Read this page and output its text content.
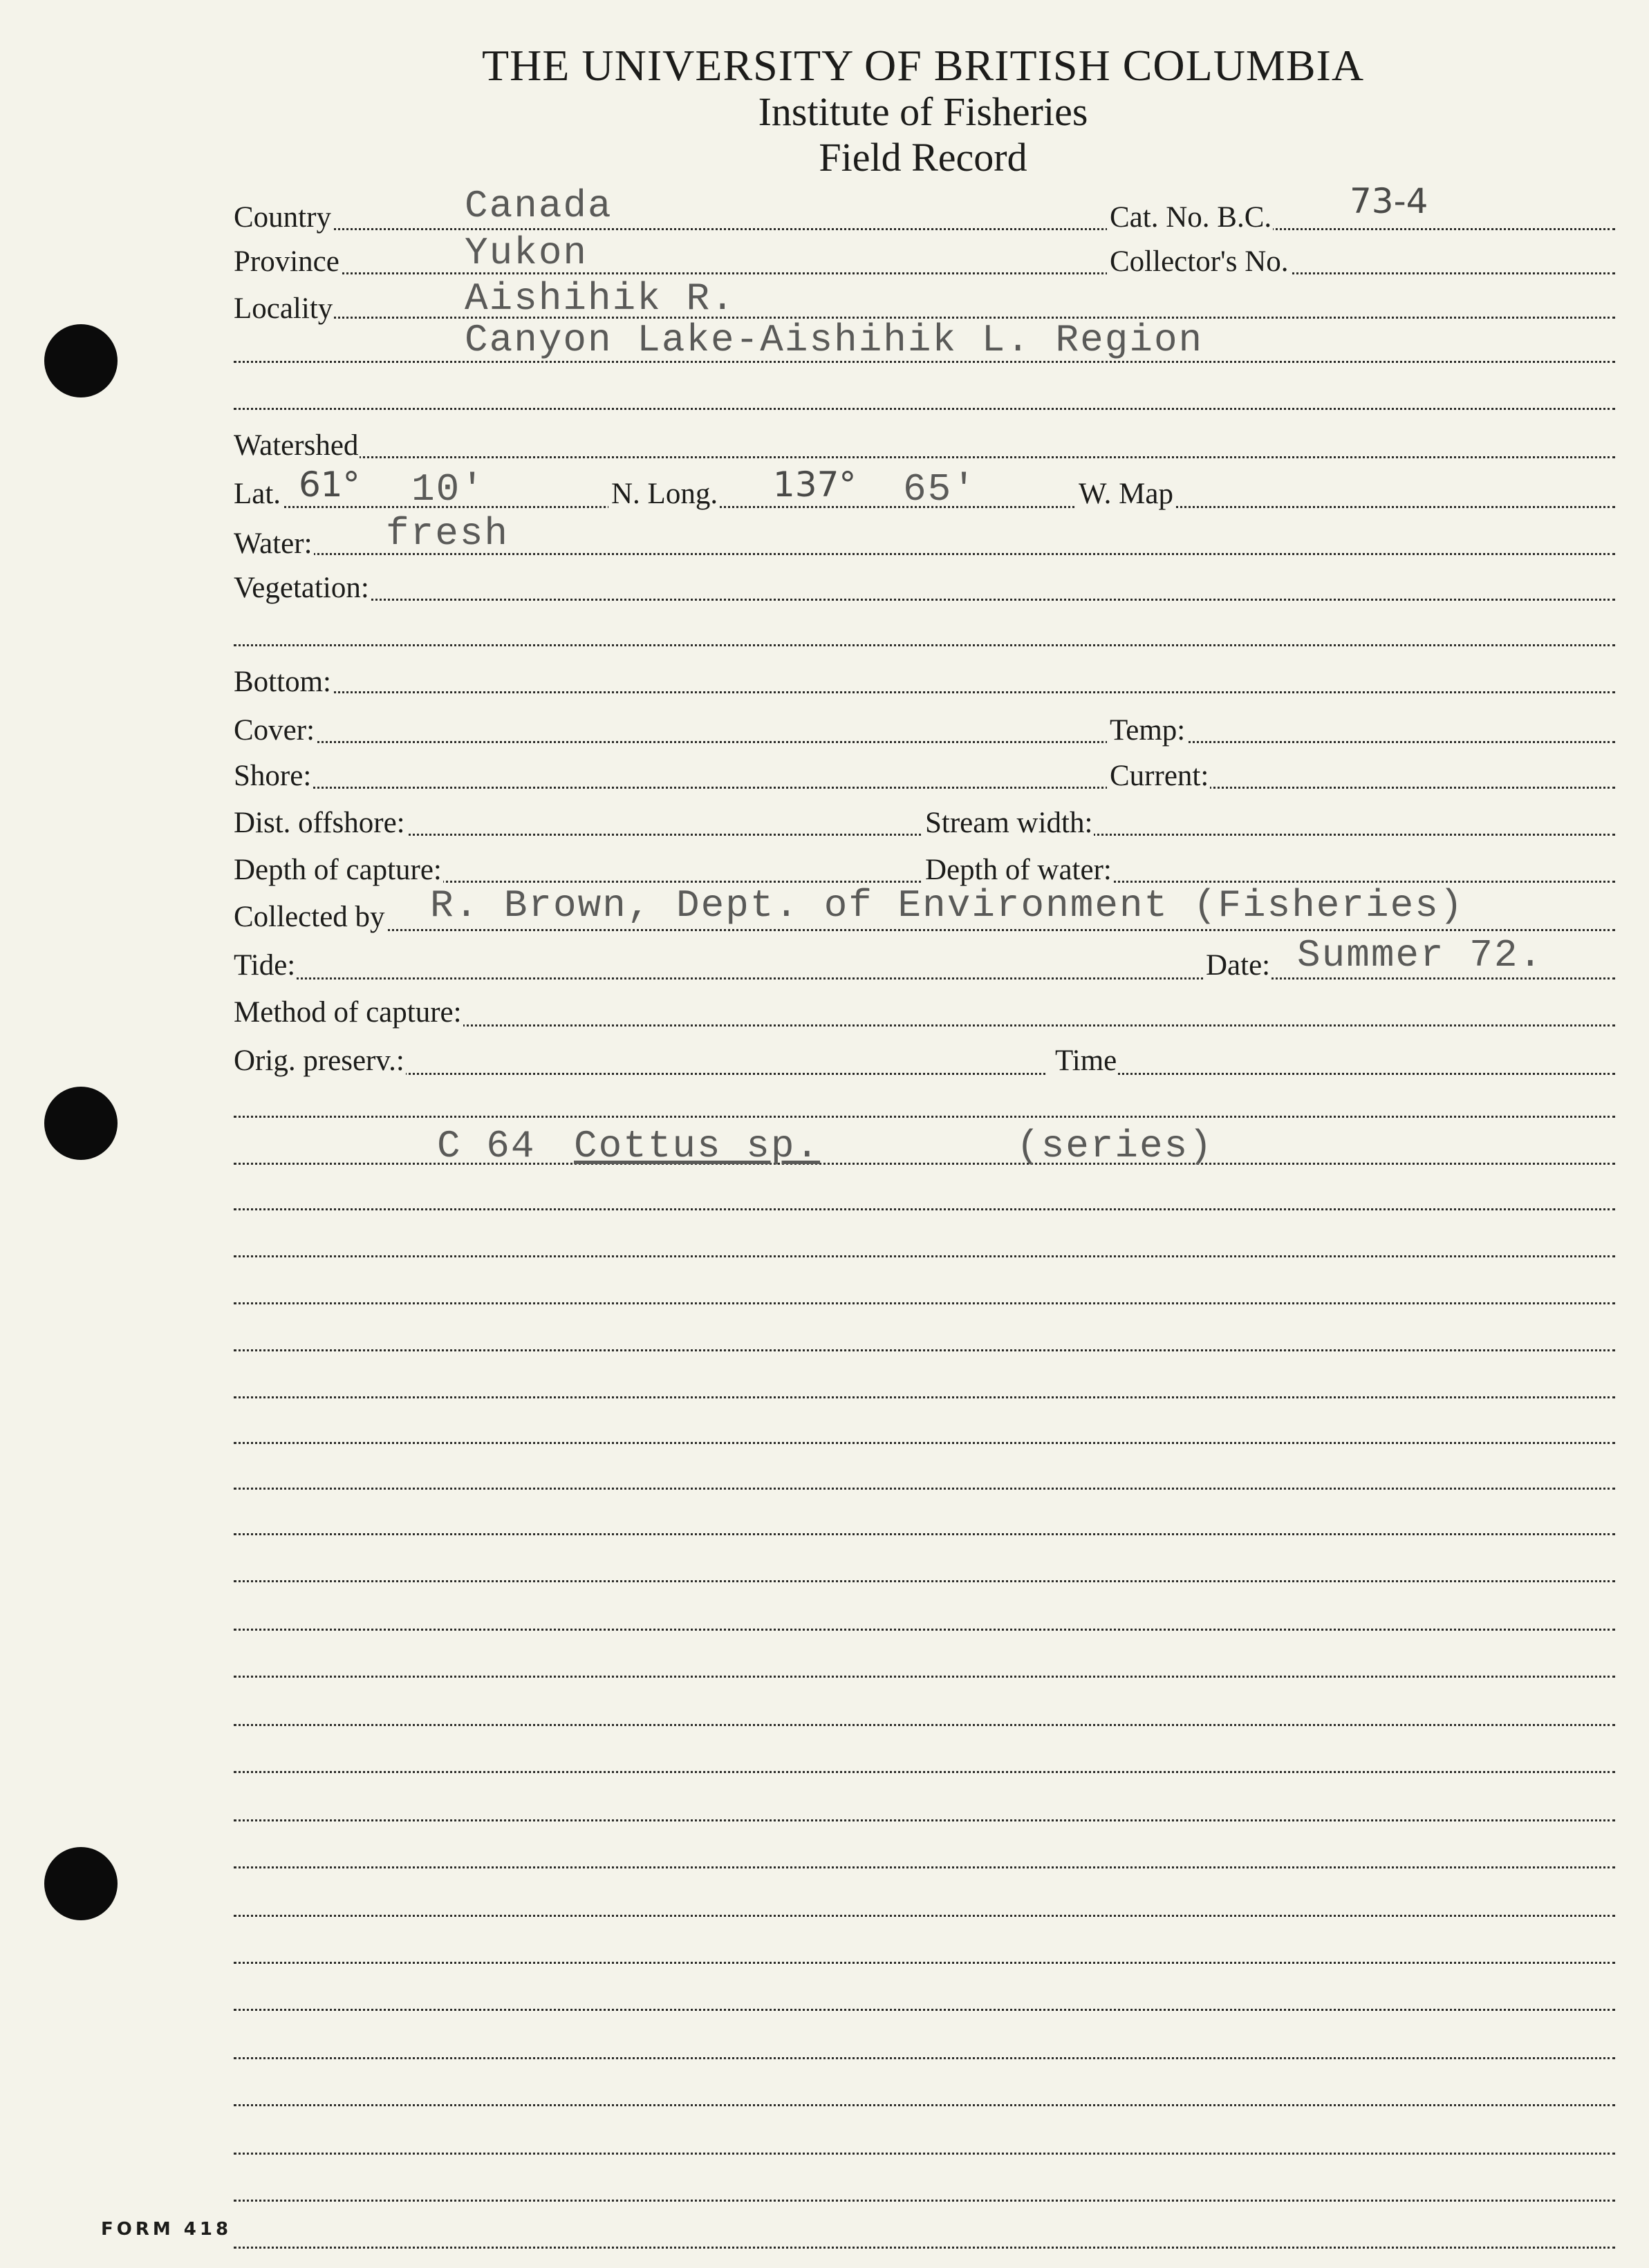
THE UNIVERSITY OF BRITISH COLUMBIA
Institute of Fisheries
Field Record
Country	Canada	Cat. No. B.C. 73-4
Province	Yukon	Collector's No.
Locality	Aishihik R.
Canyon Lake-Aishihik L. Region
Watershed
Lat. 61° 10'	N. Long. 137° 65'	W. Map
Water: fresh
Vegetation:
Bottom:
Cover:	Temp:
Shore:	Current:
Dist. offshore:	Stream width:
Depth of capture:	Depth of water:
Collected by R. Brown, Dept. of Environment (Fisheries)
Tide:	Date: Summer 72.
Method of capture:
Orig. preserv.:	Time
C 64 Cottus sp.	(series)
FORM 418
